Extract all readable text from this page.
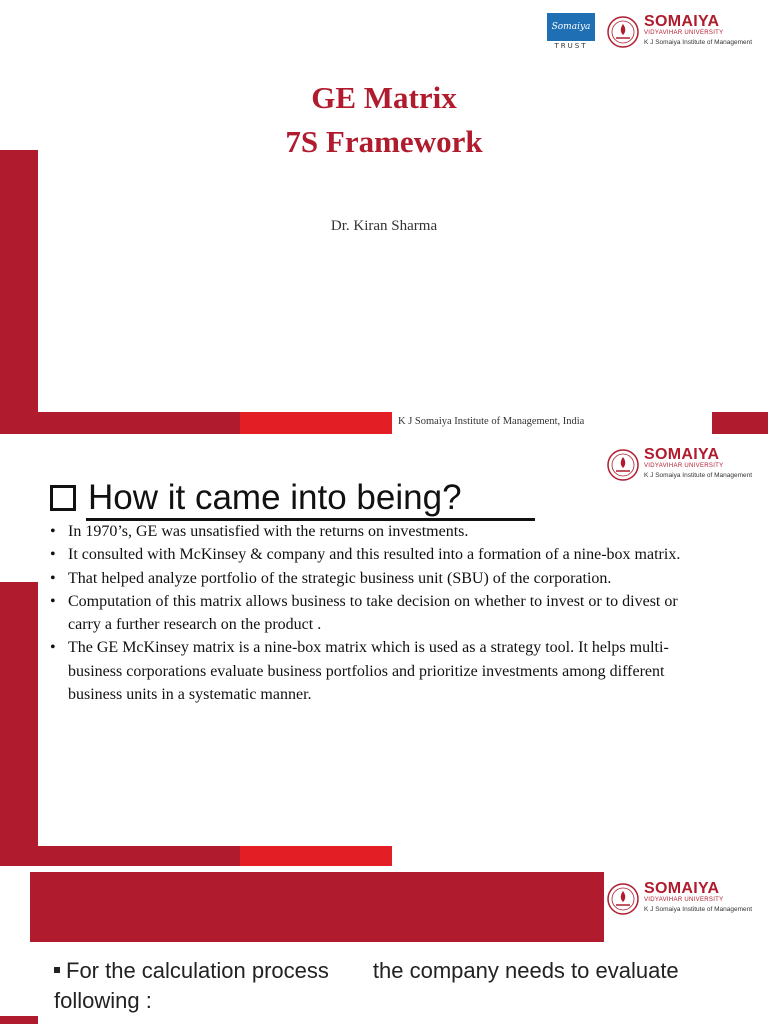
Somaiya
TRUST
SOMAIYA
VIDYAVIHAR UNIVERSITY
K J Somaiya Institute of Management
GE Matrix
7S Framework
Dr. Kiran Sharma
K J Somaiya Institute of Management, India
SOMAIYA
VIDYAVIHAR UNIVERSITY
K J Somaiya Institute of Management
How it came into being?
• In 1970’s, GE was unsatisfied with the returns on investments.
• It consulted with McKinsey & company and this resulted into a formation of a nine-box matrix.
• That helped analyze portfolio of the strategic business unit (SBU) of the corporation.
• Computation of this matrix allows business to take decision on whether to invest or to divest or carry a further research on the product .
• The GE McKinsey matrix is a nine-box matrix which is used as a strategy tool. It helps multi-business corporations evaluate business portfolios and prioritize investments among different business units in a systematic manner.
SOMAIYA
VIDYAVIHAR UNIVERSITY
K J Somaiya Institute of Management
For the calculation process the company needs to evaluate following :
